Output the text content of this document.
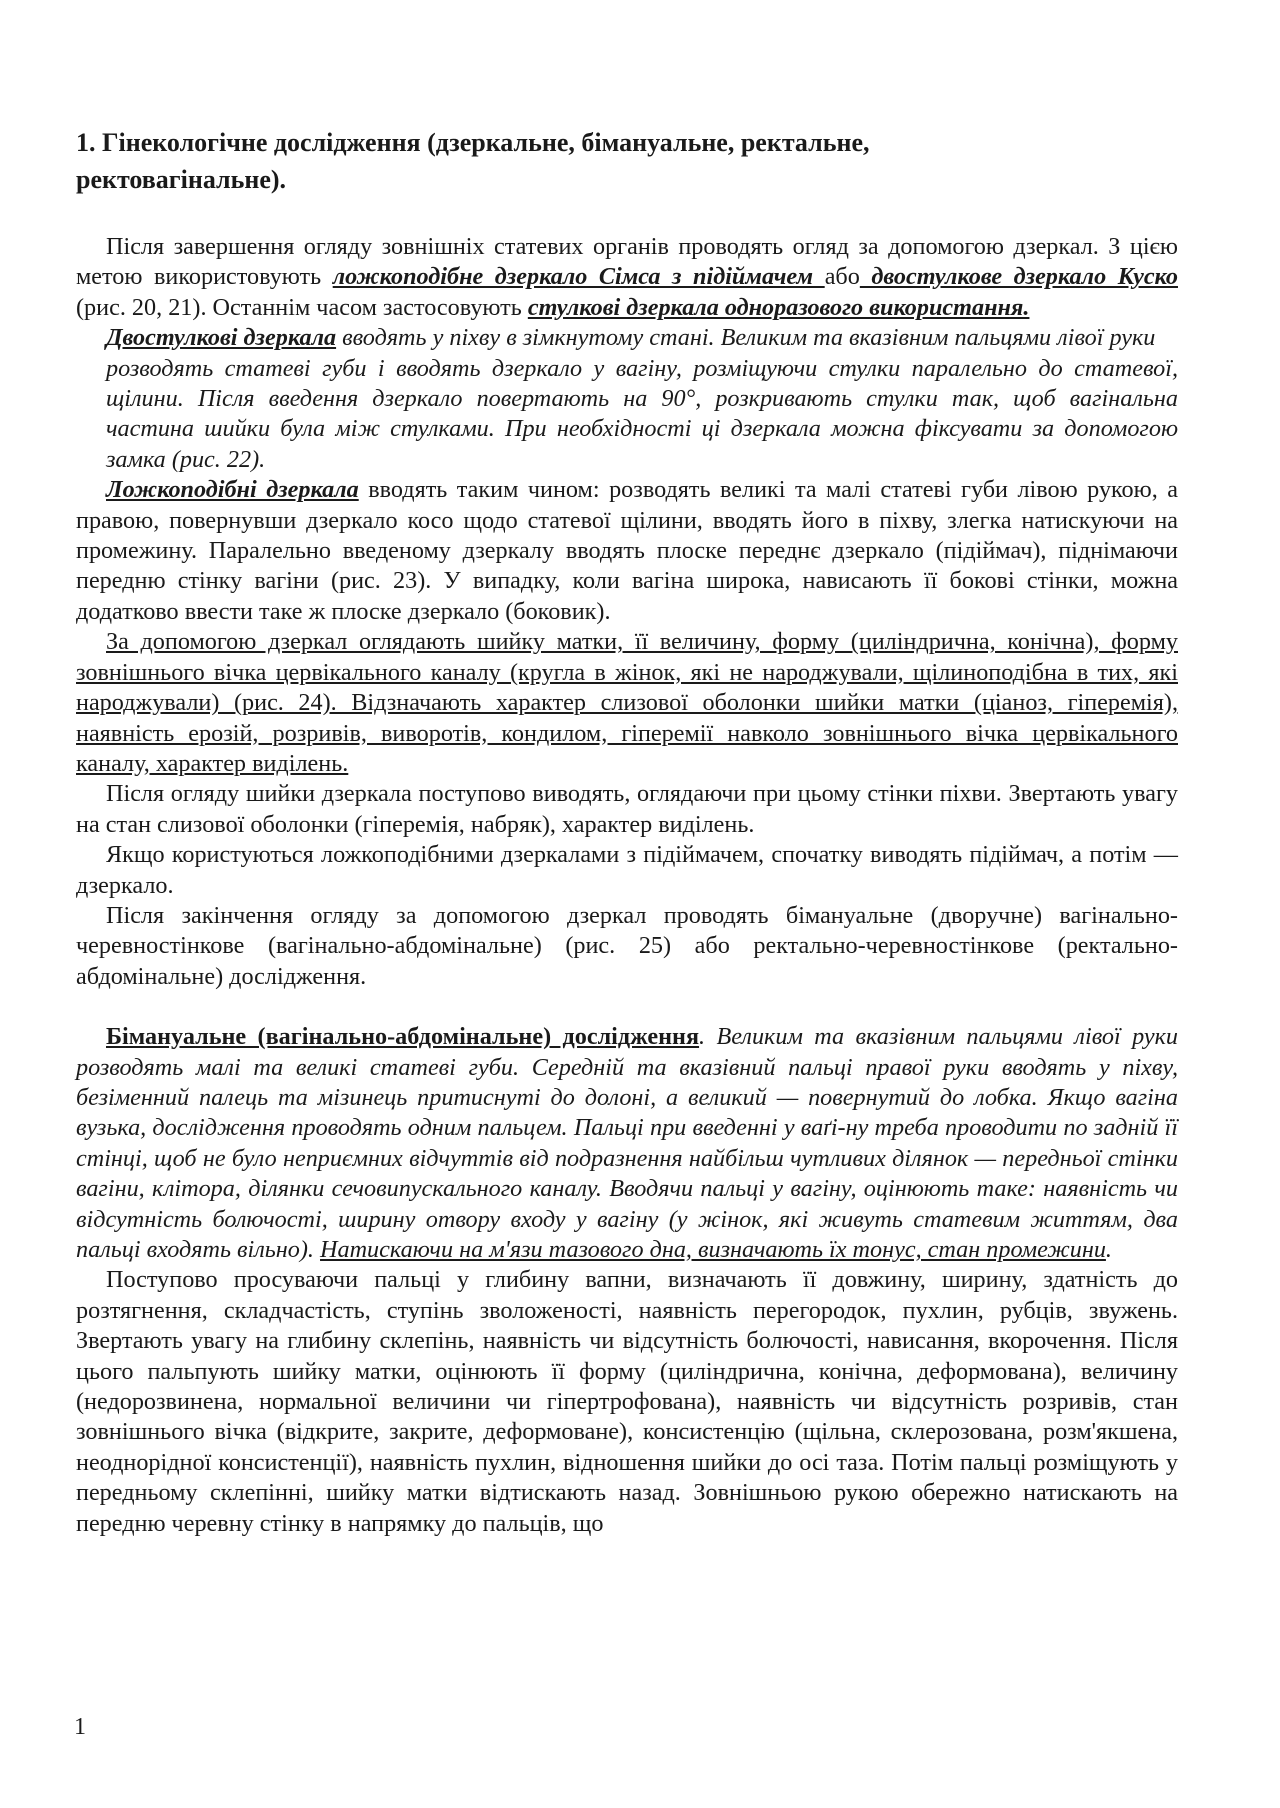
1. Гінекологічне дослідження (дзеркальне, бімануальне, ректальне,
ректовагінальне).

Після завершення огляду зовнішніх статевих органів проводять огляд за допомогою дзеркал. З цією метою використовують ложкоподібне дзеркало Сімса з підіймачем або двостулкове дзеркало Куско (рис. 20, 21). Останнім часом застосовують стулкові дзеркала одноразового використання.

Двостулкові дзеркала вводять у піхву в зімкнутому стані. Великим та вказівним пальцями лівої руки

розводять статеві губи і вводять дзеркало у вагіну, розміщуючи стулки паралельно до статевої, щілини. Після введення дзеркало повертають на 90°, розкривають стулки так, щоб вагінальна частина шийки була між стулками. При необхідності ці дзеркала можна фіксувати за допомогою замка (рис. 22).

Ложкоподібні дзеркала вводять таким чином: розводять великі та малі статеві губи лівою рукою, а правою, повернувши дзеркало косо щодо статевої щілини, вводять його в піхву, злегка натискуючи на промежину. Паралельно введеному дзеркалу вводять плоске переднє дзеркало (підіймач), піднімаючи передню стінку вагіни (рис. 23). У випадку, коли вагіна широка, нависають її бокові стінки, можна додатково ввести таке ж плоске дзеркало (боковик).

За допомогою дзеркал оглядають шийку матки, її величину, форму (циліндрична, конічна), форму зовнішнього вічка цервікального каналу (кругла в жінок, які не народжували, щілиноподібна в тих, які народжували) (рис. 24). Відзначають характер слизової оболонки шийки матки (ціаноз, гіперемія), наявність ерозій, розривів, виворотів, кондилом, гіперемії навколо зовнішнього вічка цервікального каналу, характер виділень.

Після огляду шийки дзеркала поступово виводять, оглядаючи при цьому стінки піхви. Звертають увагу на стан слизової оболонки (гіперемія, набряк), характер виділень.

Якщо користуються ложкоподібними дзеркалами з підіймачем, спочатку виводять підіймач, а потім — дзеркало.

Після закінчення огляду за допомогою дзеркал проводять бімануальне (дворучне) вагінально-черевностінкове (вагінально-абдомінальне) (рис. 25) або ректально-черевностінкове (ректально-абдомінальне) дослідження.

Бімануальне (вагінально-абдомінальне) дослідження. Великим та вказівним пальцями лівої руки розводять малі та великі статеві губи. Середній та вказівний пальці правої руки вводять у піхву, безіменний палець та мізинець притиснуті до долоні, а великий — повернутий до лобка. Якщо вагіна вузька, дослідження проводять одним пальцем. Пальці при введенні у ваґі-ну треба проводити по задній її стінці, щоб не було неприємних відчуттів від подразнення найбільш чутливих ділянок — передньої стінки вагіни, клітора, ділянки сечовипускального каналу. Вводячи пальці у вагіну, оцінюють таке: наявність чи відсутність болючості, ширину отвору входу у вагіну (у жінок, які живуть статевим життям, два пальці входять вільно). Натискаючи на м'язи тазового дна, визначають їх тонус, стан промежини.

Поступово просуваючи пальці у глибину вапни, визначають її довжину, ширину, здатність до розтягнення, складчастість, ступінь зволоженості, наявність перегородок, пухлин, рубців, звужень. Звертають увагу на глибину склепінь, наявність чи відсутність болючості, нависання, вкорочення. Після цього пальпують шийку матки, оцінюють її форму (циліндрична, конічна, деформована), величину (недорозвинена, нормальної величини чи гіпертрофована), наявність чи відсутність розривів, стан зовнішнього вічка (відкрите, закрите, деформоване), консистенцію (щільна, склерозована, розм'якшена, неоднорідної консистенції), наявність пухлин, відношення шийки до осі таза. Потім пальці розміщують у передньому склепінні, шийку матки відтискають назад. Зовнішньою рукою обережно натискають на передню черевну стінку в напрямку до пальців, що

1
